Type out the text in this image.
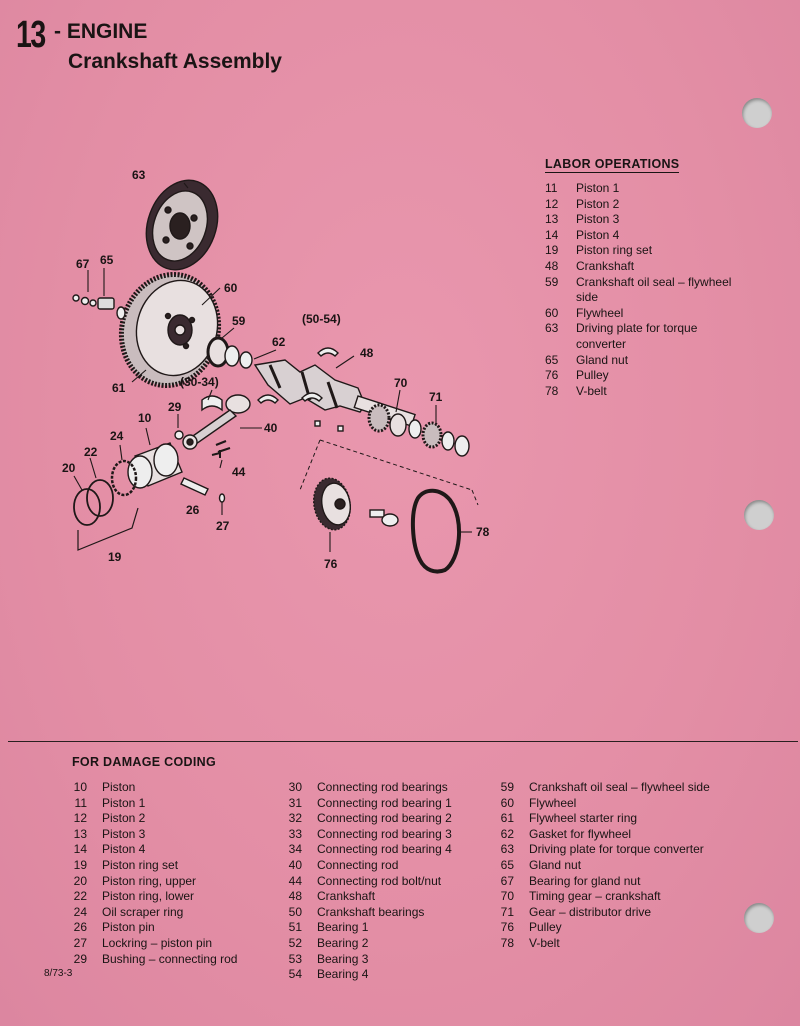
13 - ENGINE
Crankshaft Assembly
LABOR OPERATIONS
11	Piston 1
12	Piston 2
13	Piston 3
14	Piston 4
19	Piston ring set
48	Crankshaft
59	Crankshaft oil seal – flywheel side
60	Flywheel
63	Driving plate for torque converter
65	Gland nut
76	Pulley
78	V-belt
63
67 65
60
59	(50-54)
62
48
61	(30-34)	70
71
10
29
24
40
22
20	44
26
27
19	76
78
FOR DAMAGE CODING
10	Piston
11	Piston 1
12	Piston 2
13	Piston 3
14	Piston 4
19	Piston ring set
20	Piston ring, upper
22	Piston ring, lower
24	Oil scraper ring
26	Piston pin
27	Lockring – piston pin
29	Bushing – connecting rod
30	Connecting rod bearings
31	Connecting rod bearing 1
32	Connecting rod bearing 2
33	Connecting rod bearing 3
34	Connecting rod bearing 4
40	Connecting rod
44	Connecting rod bolt/nut
48	Crankshaft
50	Crankshaft bearings
51	Bearing 1
52	Bearing 2
53	Bearing 3
54	Bearing 4
59	Crankshaft oil seal – flywheel side
60	Flywheel
61	Flywheel starter ring
62	Gasket for flywheel
63	Driving plate for torque converter
65	Gland nut
67	Bearing for gland nut
70	Timing gear – crankshaft
71	Gear – distributor drive
76	Pulley
78	V-belt
8/73-3
